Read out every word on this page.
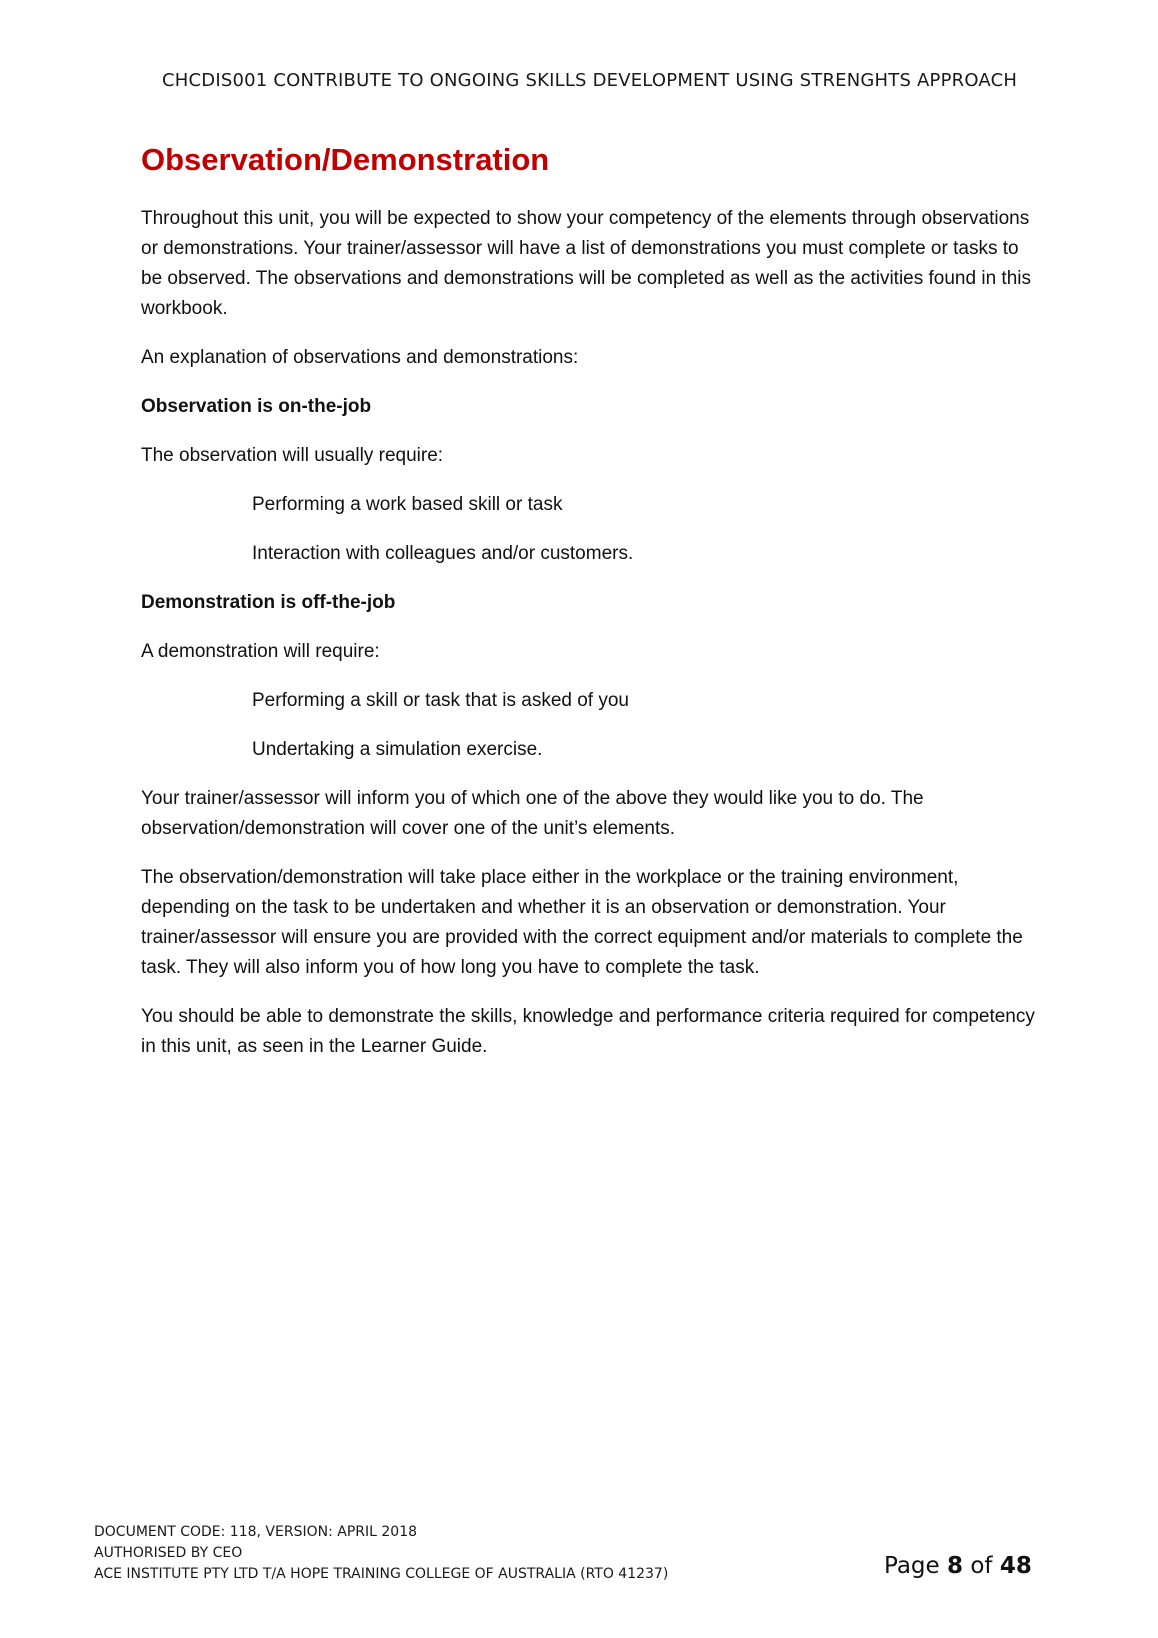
CHCDIS001 CONTRIBUTE TO ONGOING SKILLS DEVELOPMENT USING STRENGHTS APPROACH
Observation/Demonstration

Throughout this unit, you will be expected to show your competency of the elements through observations or demonstrations. Your trainer/assessor will have a list of demonstrations you must complete or tasks to be observed. The observations and demonstrations will be completed as well as the activities found in this workbook.

An explanation of observations and demonstrations:

Observation is on-the-job

The observation will usually require:

Performing a work based skill or task

Interaction with colleagues and/or customers.

Demonstration is off-the-job

A demonstration will require:

Performing a skill or task that is asked of you

Undertaking a simulation exercise.

Your trainer/assessor will inform you of which one of the above they would like you to do. The observation/demonstration will cover one of the unit’s elements.

The observation/demonstration will take place either in the workplace or the training environment, depending on the task to be undertaken and whether it is an observation or demonstration. Your trainer/assessor will ensure you are provided with the correct equipment and/or materials to complete the task. They will also inform you of how long you have to complete the task.

You should be able to demonstrate the skills, knowledge and performance criteria required for competency in this unit, as seen in the Learner Guide.

DOCUMENT CODE: 118, VERSION: APRIL 2018
AUTHORISED BY CEO
ACE INSTITUTE PTY LTD T/A HOPE TRAINING COLLEGE OF AUSTRALIA (RTO 41237)	Page 8 of 48
